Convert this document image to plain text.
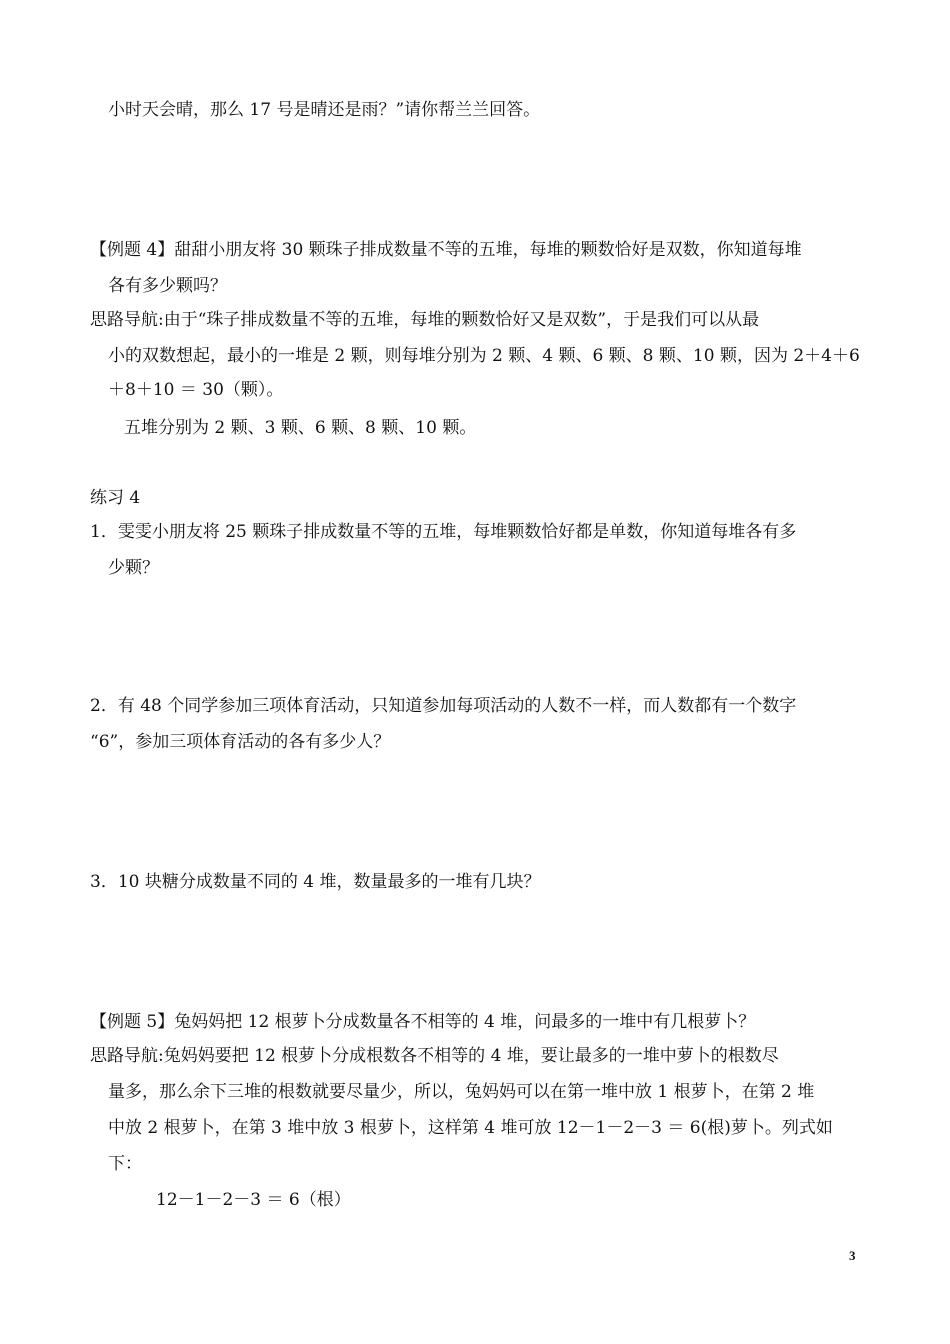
小时天会晴，那么 17 号是晴还是雨？”请你帮兰兰回答。
【例题 4】甜甜小朋友将 30 颗珠子排成数量不等的五堆，每堆的颗数恰好是双数，你知道每堆
各有多少颗吗？
思路导航:由于“珠子排成数量不等的五堆，每堆的颗数恰好又是双数”，于是我们可以从最
小的双数想起，最小的一堆是 2 颗，则每堆分别为 2 颗、4 颗、6 颗、8 颗、10 颗，因为 2＋4＋6
＋8＋10 ＝ 30（颗）。
五堆分别为 2 颗、3 颗、6 颗、8 颗、10 颗。
练习 4
1．雯雯小朋友将 25 颗珠子排成数量不等的五堆，每堆颗数恰好都是单数，你知道每堆各有多
少颗？
2．有 48 个同学参加三项体育活动，只知道参加每项活动的人数不一样，而人数都有一个数字
“6”，参加三项体育活动的各有多少人？
3．10 块糖分成数量不同的 4 堆，数量最多的一堆有几块？
【例题 5】兔妈妈把 12 根萝卜分成数量各不相等的 4 堆，问最多的一堆中有几根萝卜？
思路导航:兔妈妈要把 12 根萝卜分成根数各不相等的 4 堆，要让最多的一堆中萝卜的根数尽
量多，那么余下三堆的根数就要尽量少，所以，兔妈妈可以在第一堆中放 1 根萝卜，在第 2 堆
中放 2 根萝卜，在第 3 堆中放 3 根萝卜，这样第 4 堆可放 12－1－2－3 ＝ 6(根)萝卜。列式如
下：
12－1－2－3 ＝ 6（根）
3
